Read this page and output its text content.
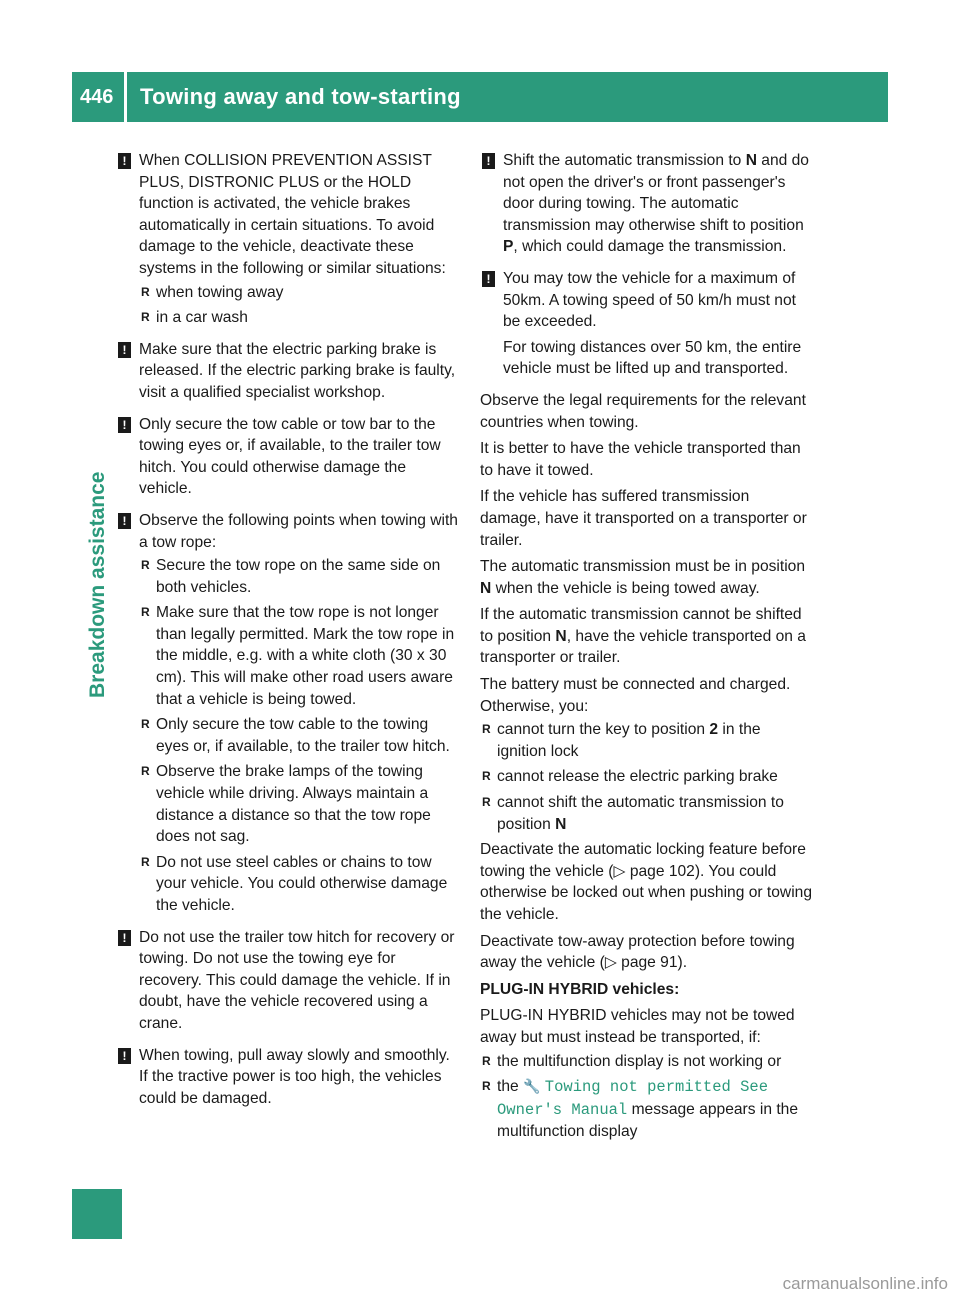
446	Towing away and tow-starting
Breakdown assistance
! When COLLISION PREVENTION ASSIST PLUS, DISTRONIC PLUS or the HOLD function is activated, the vehicle brakes automatically in certain situations. To avoid damage to the vehicle, deactivate these systems in the following or similar situations:
R when towing away
R in a car wash
! Make sure that the electric parking brake is released. If the electric parking brake is faulty, visit a qualified specialist workshop.
! Only secure the tow cable or tow bar to the towing eyes or, if available, to the trailer tow hitch. You could otherwise damage the vehicle.
! Observe the following points when towing with a tow rope:
R Secure the tow rope on the same side on both vehicles.
R Make sure that the tow rope is not longer than legally permitted. Mark the tow rope in the middle, e.g. with a white cloth (30 x 30 cm). This will make other road users aware that a vehicle is being towed.
R Only secure the tow cable to the towing eyes or, if available, to the trailer tow hitch.
R Observe the brake lamps of the towing vehicle while driving. Always maintain a distance a distance so that the tow rope does not sag.
R Do not use steel cables or chains to tow your vehicle. You could otherwise damage the vehicle.
! Do not use the trailer tow hitch for recovery or towing. Do not use the towing eye for recovery. This could damage the vehicle. If in doubt, have the vehicle recovered using a crane.
! When towing, pull away slowly and smoothly. If the tractive power is too high, the vehicles could be damaged.
! Shift the automatic transmission to N and do not open the driver's or front passenger's door during towing. The automatic transmission may otherwise shift to position P, which could damage the transmission.
! You may tow the vehicle for a maximum of 50km. A towing speed of 50 km/h must not be exceeded.
For towing distances over 50 km, the entire vehicle must be lifted up and transported.

Observe the legal requirements for the relevant countries when towing.

It is better to have the vehicle transported than to have it towed.

If the vehicle has suffered transmission damage, have it transported on a transporter or trailer.

The automatic transmission must be in position N when the vehicle is being towed away.

If the automatic transmission cannot be shifted to position N, have the vehicle transported on a transporter or trailer.

The battery must be connected and charged. Otherwise, you:

R cannot turn the key to position 2 in the ignition lock
R cannot release the electric parking brake
R cannot shift the automatic transmission to position N

Deactivate the automatic locking feature before towing the vehicle (▷ page 102). You could otherwise be locked out when pushing or towing the vehicle.

Deactivate tow-away protection before towing away the vehicle (▷ page 91).

PLUG-IN HYBRID vehicles:

PLUG-IN HYBRID vehicles may not be towed away but must instead be transported, if:

R the multifunction display is not working or
R the 🔧 Towing not permitted See Owner's Manual message appears in the multifunction display
carmanualsonline.info
